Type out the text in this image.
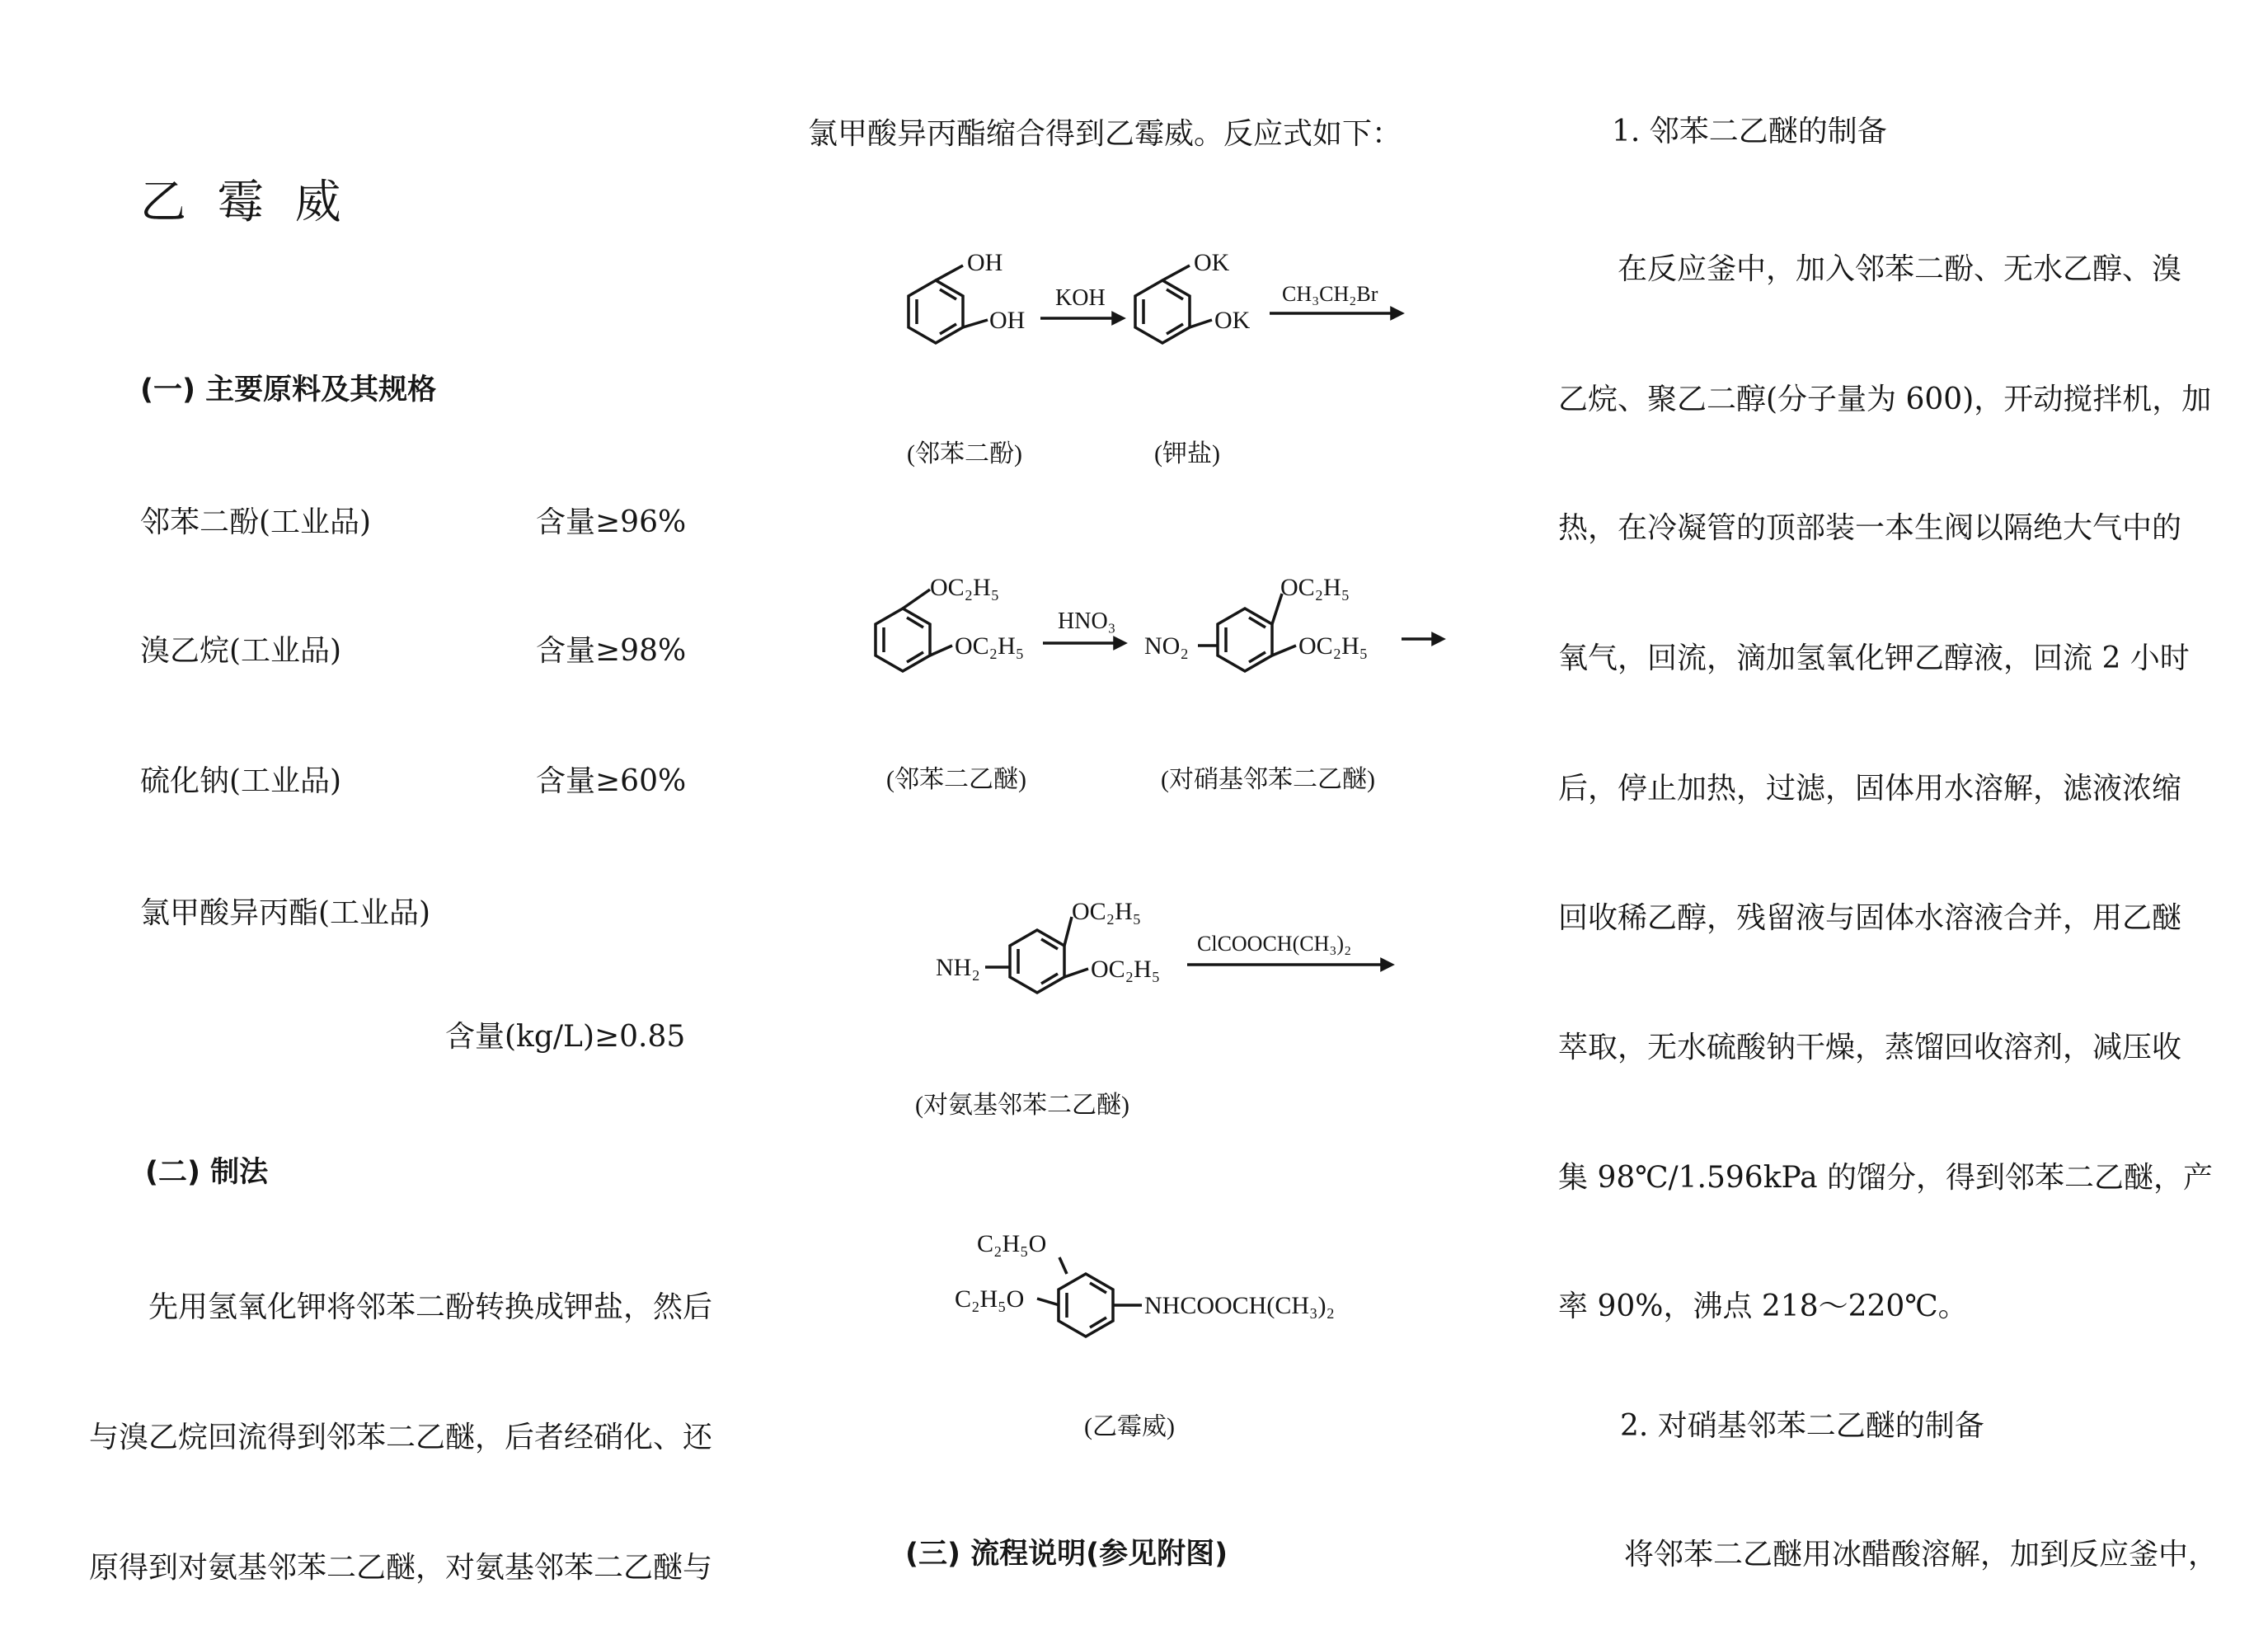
乙 霉 威
(一) 主要原料及其规格
邻苯二酚(工业品)	含量≥96%
溴乙烷(工业品)	含量≥98%
硫化钠(工业品)	含量≥60%
氯甲酸异丙酯(工业品)
含量(kg/L)≥0.85
(二) 制法
先用氢氧化钾将邻苯二酚转换成钾盐，然后
与溴乙烷回流得到邻苯二乙醚，后者经硝化、还
原得到对氨基邻苯二乙醚，对氨基邻苯二乙醚与
氯甲酸异丙酯缩合得到乙霉威。反应式如下：
OH
OH
KOH
OK
OK
CH₃CH₂Br
(邻苯二酚)	(钾盐)
OC₂H₅
OC₂H₅
HNO₃
NO₂
OC₂H₅
OC₂H₅
(邻苯二乙醚)	(对硝基邻苯二乙醚)
NH₂
OC₂H₅
OC₂H₅
ClCOOCH(CH₃)₂
(对氨基邻苯二乙醚)
C₂H₅O
C₂H₅O	NHCOOCH(CH₃)₂
(乙霉威)
(三) 流程说明(参见附图)
1. 邻苯二乙醚的制备
在反应釜中，加入邻苯二酚、无水乙醇、溴
乙烷、聚乙二醇(分子量为 600)，开动搅拌机，加
热，在冷凝管的顶部装一本生阀以隔绝大气中的
氧气，回流，滴加氢氧化钾乙醇液，回流 2 小时
后，停止加热，过滤，固体用水溶解，滤液浓缩
回收稀乙醇，残留液与固体水溶液合并，用乙醚
萃取，无水硫酸钠干燥，蒸馏回收溶剂，减压收
集 98℃/1.596kPa 的馏分，得到邻苯二乙醚，产
率 90%，沸点 218～220℃。
2. 对硝基邻苯二乙醚的制备
将邻苯二乙醚用冰醋酸溶解，加到反应釜中，
